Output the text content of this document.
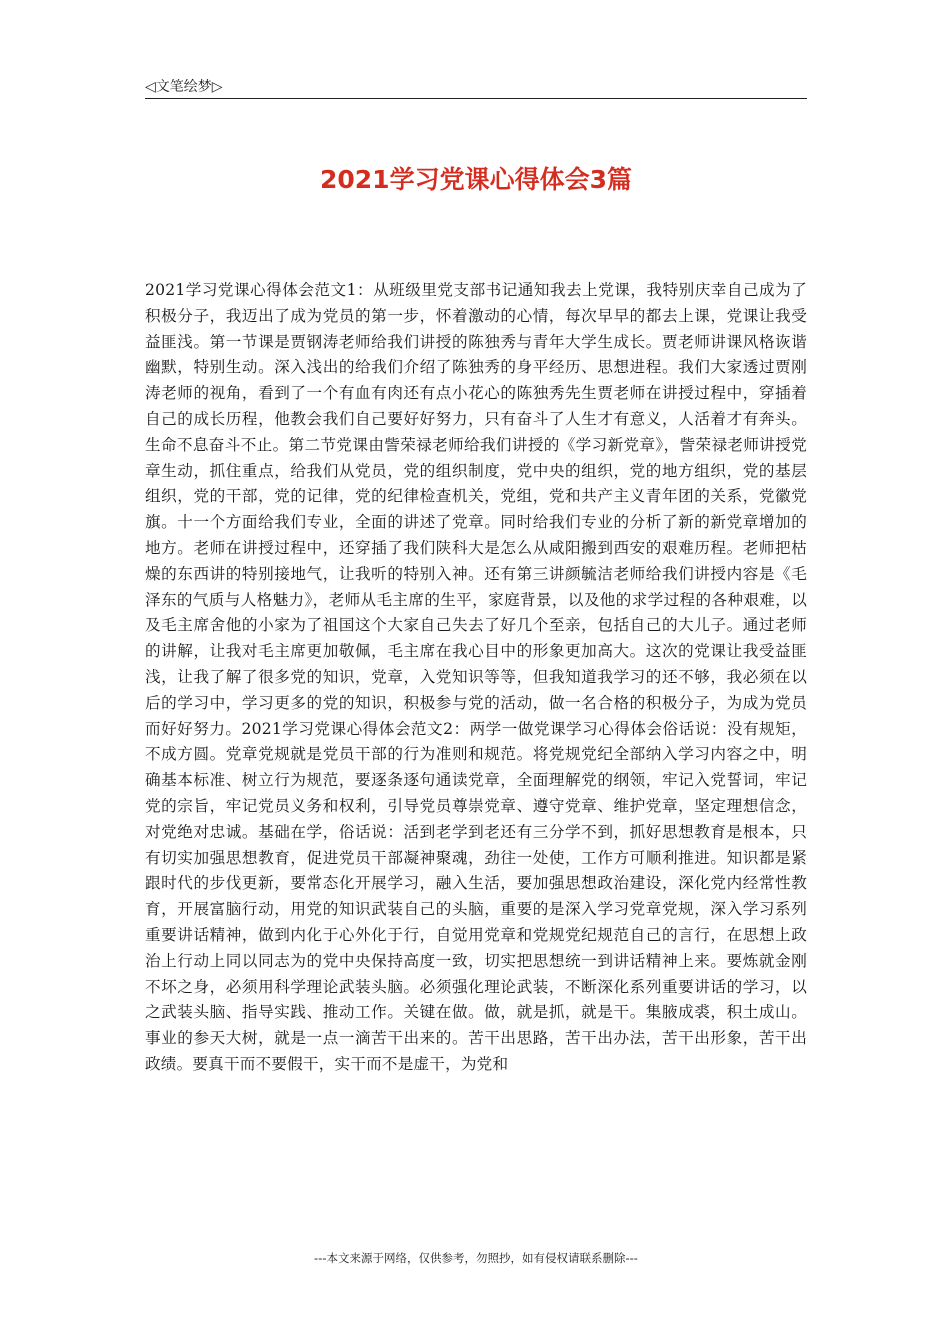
◁文笔绘梦▷
2021学习党课心得体会3篇

2021学习党课心得体会范文1：从班级里党支部书记通知我去上党课，我特别庆幸自己成为了积极分子，我迈出了成为党员的第一步，怀着激动的心情，每次早早的都去上课，党课让我受益匪浅。第一节课是贾钢涛老师给我们讲授的陈独秀与青年大学生成长。贾老师讲课风格诙谐幽默，特别生动。深入浅出的给我们介绍了陈独秀的身平经历、思想进程。我们大家透过贾刚涛老师的视角，看到了一个有血有肉还有点小花心的陈独秀先生贾老师在讲授过程中，穿插着自己的成长历程，他教会我们自己要好好努力，只有奋斗了人生才有意义，人活着才有奔头。生命不息奋斗不止。第二节党课由訾荣禄老师给我们讲授的《学习新党章》，訾荣禄老师讲授党章生动，抓住重点，给我们从党员，党的组织制度，党中央的组织，党的地方组织，党的基层组织，党的干部，党的记律，党的纪律检查机关，党组，党和共产主义青年团的关系，党徽党旗。十一个方面给我们专业，全面的讲述了党章。同时给我们专业的分析了新的新党章增加的地方。老师在讲授过程中，还穿插了我们陕科大是怎么从咸阳搬到西安的艰难历程。老师把枯燥的东西讲的特别接地气，让我听的特别入神。还有第三讲颜毓洁老师给我们讲授内容是《毛泽东的气质与人格魅力》，老师从毛主席的生平，家庭背景，以及他的求学过程的各种艰难，以及毛主席舍他的小家为了祖国这个大家自己失去了好几个至亲，包括自己的大儿子。通过老师的讲解，让我对毛主席更加敬佩，毛主席在我心目中的形象更加高大。这次的党课让我受益匪浅，让我了解了很多党的知识，党章，入党知识等等，但我知道我学习的还不够，我必须在以后的学习中，学习更多的党的知识，积极参与党的活动，做一名合格的积极分子，为成为党员而好好努力。2021学习党课心得体会范文2：两学一做党课学习心得体会俗话说：没有规矩，不成方圆。党章党规就是党员干部的行为准则和规范。将党规党纪全部纳入学习内容之中，明确基本标准、树立行为规范，要逐条逐句通读党章，全面理解党的纲领，牢记入党誓词，牢记党的宗旨，牢记党员义务和权利，引导党员尊崇党章、遵守党章、维护党章，坚定理想信念，对党绝对忠诚。基础在学，俗话说：活到老学到老还有三分学不到，抓好思想教育是根本，只有切实加强思想教育，促进党员干部凝神聚魂，劲往一处使，工作方可顺利推进。知识都是紧跟时代的步伐更新，要常态化开展学习，融入生活，要加强思想政治建设，深化党内经常性教育，开展富脑行动，用党的知识武装自己的头脑，重要的是深入学习党章党规，深入学习系列重要讲话精神，做到内化于心外化于行，自觉用党章和党规党纪规范自己的言行，在思想上政治上行动上同以同志为的党中央保持高度一致，切实把思想统一到讲话精神上来。要炼就金刚不坏之身，必须用科学理论武装头脑。必须强化理论武装，不断深化系列重要讲话的学习，以之武装头脑、指导实践、推动工作。关键在做。做，就是抓，就是干。集腋成裘，积土成山。事业的参天大树，就是一点一滴苦干出来的。苦干出思路，苦干出办法，苦干出形象，苦干出政绩。要真干而不要假干，实干而不是虚干，为党和

---本文来源于网络，仅供参考，勿照抄，如有侵权请联系删除---
